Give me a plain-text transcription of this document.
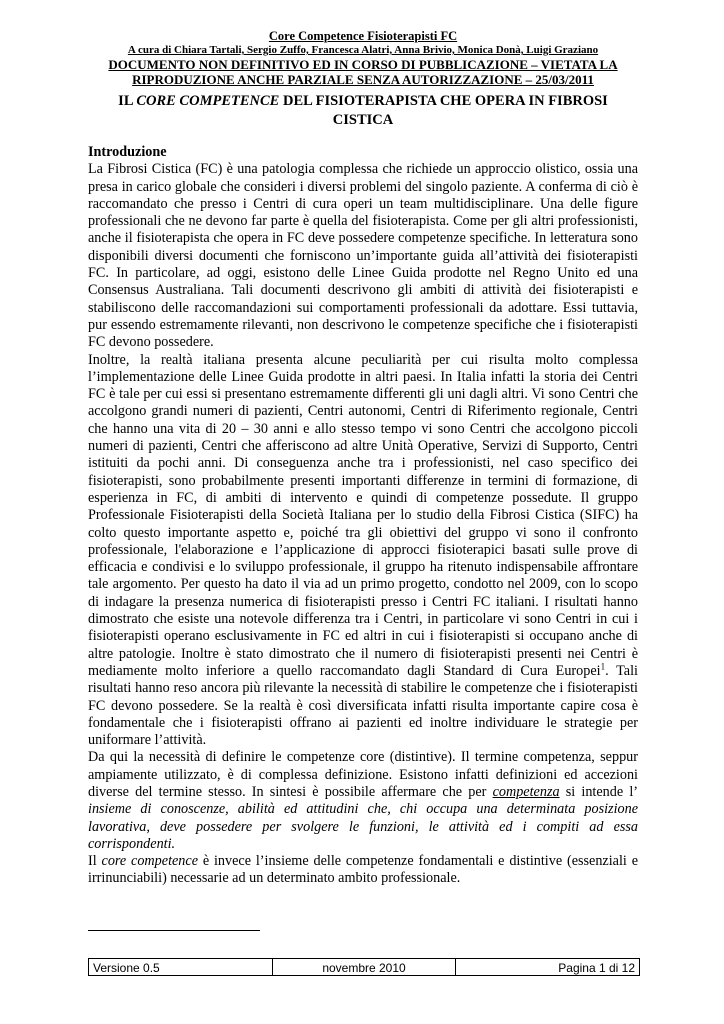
Core Competence Fisioterapisti FC
A cura di Chiara Tartali, Sergio Zuffo, Francesca Alatri, Anna Brivio, Monica Donà, Luigi Graziano
DOCUMENTO NON DEFINITIVO ED IN CORSO DI PUBBLICAZIONE – VIETATA LA
RIPRODUZIONE ANCHE PARZIALE SENZA AUTORIZZAZIONE – 25/03/2011
IL CORE COMPETENCE DEL FISIOTERAPISTA CHE OPERA IN FIBROSI CISTICA
Introduzione

La Fibrosi Cistica (FC) è una patologia complessa che richiede un approccio olistico, ossia una presa in carico globale che consideri i diversi problemi del singolo paziente. A conferma di ciò è raccomandato che presso i Centri di cura operi un team multidisciplinare. Una delle figure professionali che ne devono far parte è quella del fisioterapista. Come per gli altri professionisti, anche il fisioterapista che opera in FC deve possedere competenze specifiche. In letteratura sono disponibili diversi documenti che forniscono un’importante guida all’attività dei fisioterapisti FC. In particolare, ad oggi, esistono delle Linee Guida prodotte nel Regno Unito ed una Consensus Australiana. Tali documenti descrivono gli ambiti di attività dei fisioterapisti e stabiliscono delle raccomandazioni sui comportamenti professionali da adottare. Essi tuttavia, pur essendo estremamente rilevanti, non descrivono le competenze specifiche che i fisioterapisti FC devono possedere.

Inoltre, la realtà italiana presenta alcune peculiarità per cui risulta molto complessa l’implementazione delle Linee Guida prodotte in altri paesi. In Italia infatti la storia dei Centri FC è tale per cui essi si presentano estremamente differenti gli uni dagli altri. Vi sono Centri che accolgono grandi numeri di pazienti, Centri autonomi, Centri di Riferimento regionale, Centri che hanno una vita di 20 – 30 anni e allo stesso tempo vi sono Centri che accolgono piccoli numeri di pazienti, Centri che afferiscono ad altre Unità Operative, Servizi di Supporto, Centri istituiti da pochi anni. Di conseguenza anche tra i professionisti, nel caso specifico dei fisioterapisti, sono probabilmente presenti importanti differenze in termini di formazione, di esperienza in FC, di ambiti di intervento e quindi di competenze possedute. Il gruppo Professionale Fisioterapisti della Società Italiana per lo studio della Fibrosi Cistica (SIFC) ha colto questo importante aspetto e, poiché tra gli obiettivi del gruppo vi sono il confronto professionale, l'elaborazione e l’applicazione di approcci fisioterapici basati sulle prove di efficacia e condivisi e lo sviluppo professionale, il gruppo ha ritenuto indispensabile affrontare tale argomento. Per questo ha dato il via ad un primo progetto, condotto nel 2009, con lo scopo di indagare la presenza numerica di fisioterapisti presso i Centri FC italiani. I risultati hanno dimostrato che esiste una notevole differenza tra i Centri, in particolare vi sono Centri in cui i fisioterapisti operano esclusivamente in FC ed altri in cui i fisioterapisti si occupano anche di altre patologie. Inoltre è stato dimostrato che il numero di fisioterapisti presenti nei Centri è mediamente molto inferiore a quello raccomandato dagli Standard di Cura Europei$^1$. Tali risultati hanno reso ancora più rilevante la necessità di stabilire le competenze che i fisioterapisti FC devono possedere. Se la realtà è così diversificata infatti risulta importante capire cosa è fondamentale che i fisioterapisti offrano ai pazienti ed inoltre individuare le strategie per uniformare l’attività.

Da qui la necessità di definire le competenze core (distintive). Il termine competenza, seppur ampiamente utilizzato, è di complessa definizione. Esistono infatti definizioni ed accezioni diverse del termine stesso. In sintesi è possibile affermare che per competenza si intende l’ insieme di conoscenze, abilità ed attitudini che, chi occupa una determinata posizione lavorativa, deve possedere per svolgere le funzioni, le attività ed i compiti ad essa corrispondenti.

Il core competence è invece l’insieme delle competenze fondamentali e distintive (essenziali e irrinunciabili) necessarie ad un determinato ambito professionale.

Versione 0.5	novembre 2010	Pagina 1 di 12
